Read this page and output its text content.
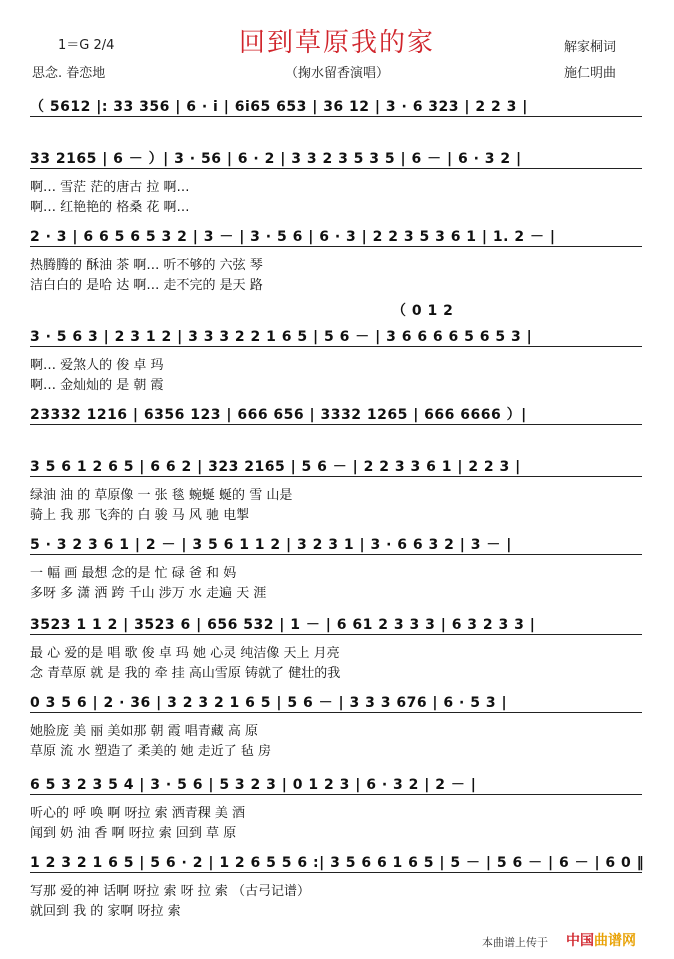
回到草原我的家
1＝G 2/4
思念. 眷恋地	（掬水留香演唱）
解家桐词
施仁明曲
（ 5612 |: 33 356 | 6 · i | 6i65 653 | 36 12 | 3 · 6 323 | 2 2 3 |
33 2165 | 6 － ）| 3 · 56 | 6 · 2 | 3 3 2 3 5 3 5 | 6 － | 6 · 3 2 |
啊… 雪茫 茫的唐古 拉 啊…
啊… 红艳艳的 格桑 花 啊…
2 · 3 | 6 6 5 6 5 3 2 | 3 － | 3 · 5 6 | 6 · 3 | 2 2 3 5 3 6 1 | 1. 2 － |
热腾腾的 酥油 茶 啊… 听不够的 六弦 琴
洁白白的 是哈 达 啊… 走不完的 是天 路
3 · 5 6 3 | 2 3 1 2 | 3 3 3 2 2 1 6 5 | 5 6 － | 3 6 6 6 6 5 6 5 3 |
（ 0 1 2
啊… 爱煞人的 俊 卓 玛
啊… 金灿灿的 是 朝 霞
23332 1216 | 6356 123 | 666 656 | 3332 1265 | 666 6666 ）|
3 5 6 1 2 6 5 | 6 6 2 | 323 2165 | 5 6 － | 2 2 3 3 6 1 | 2 2 3 |
绿油 油 的 草原像 一 张 毯 蜿蜒 蜒的 雪 山是
骑上 我 那 飞奔的 白 骏 马 风 驰 电掣
5 · 3 2 3 6 1 | 2 － | 3 5 6 1 1 2 | 3 2 3 1 | 3 · 6 6 3 2 | 3 － |
一 幅 画 最想 念的是 忙 碌 爸 和 妈
多呀 多 潇 洒 跨 千山 涉万 水 走遍 天 涯
3523 1 1 2 | 3523 6 | 656 532 | 1 － | 6 61 2 3 3 3 | 6 3 2 3 3 |
最 心 爱的是 唱 歌 俊 卓 玛 她 心灵 纯洁像 天上 月亮
念 青草原 就 是 我的 牵 挂 高山雪原 铸就了 健壮的我
0 3 5 6 | 2 · 36 | 3 2 3 2 1 6 5 | 5 6 － | 3 3 3 676 | 6 · 5 3 |
她脸庞 美 丽 美如那 朝 霞 唱青藏 高 原
草原 流 水 塑造了 柔美的 她 走近了 毡 房
6 5 3 2 3 5 4 | 3 · 5 6 | 5 3 2 3 | 0 1 2 3 | 6 · 3 2 | 2 － |
听心的 呼 唤 啊 呀拉 索 洒青稞 美 酒
闻到 奶 油 香 啊 呀拉 索 回到 草 原
1 2 3 2 1 6 5 | 5 6 · 2 | 1 2 6 5 5 6 :| 3 5 6 6 1 6 5 | 5 － | 5 6 － | 6 － | 6 0 ‖
写那 爱的神 话啊 呀拉 索 呀 拉 索 （古弓记谱）
就回到 我 的 家啊 呀拉 索
本曲谱上传于 中国曲谱网
